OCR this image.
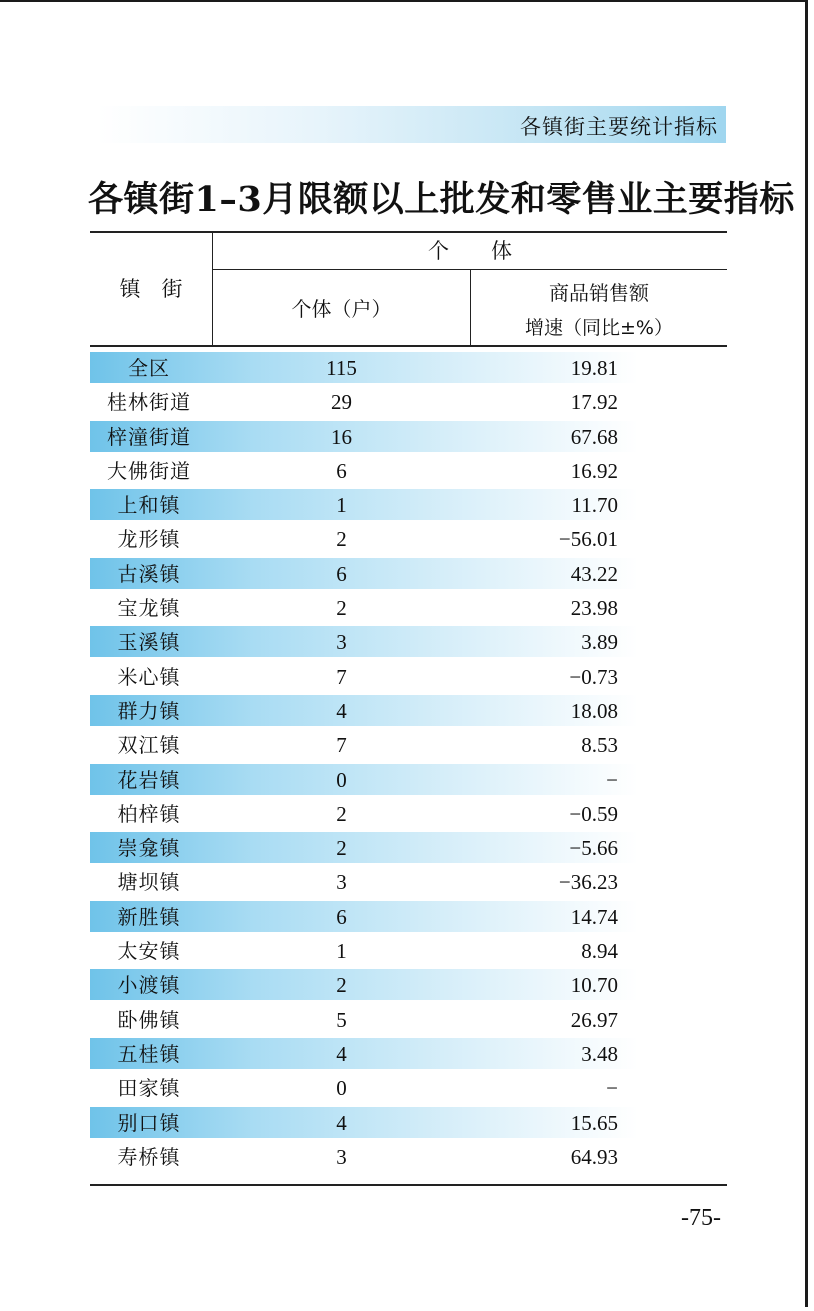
各镇街主要统计指标
各镇街1–3月限额以上批发和零售业主要指标
镇　街
个　　体
个体（户）
商品销售额
增速（同比±%）
全区	115	19.81
桂林街道	29	17.92
梓潼街道	16	67.68
大佛街道	6	16.92
上和镇	1	11.70
龙形镇	2	−56.01
古溪镇	6	43.22
宝龙镇	2	23.98
玉溪镇	3	3.89
米心镇	7	−0.73
群力镇	4	18.08
双江镇	7	8.53
花岩镇	0	−
柏梓镇	2	−0.59
崇龛镇	2	−5.66
塘坝镇	3	−36.23
新胜镇	6	14.74
太安镇	1	8.94
小渡镇	2	10.70
卧佛镇	5	26.97
五桂镇	4	3.48
田家镇	0	−
别口镇	4	15.65
寿桥镇	3	64.93
-75-
